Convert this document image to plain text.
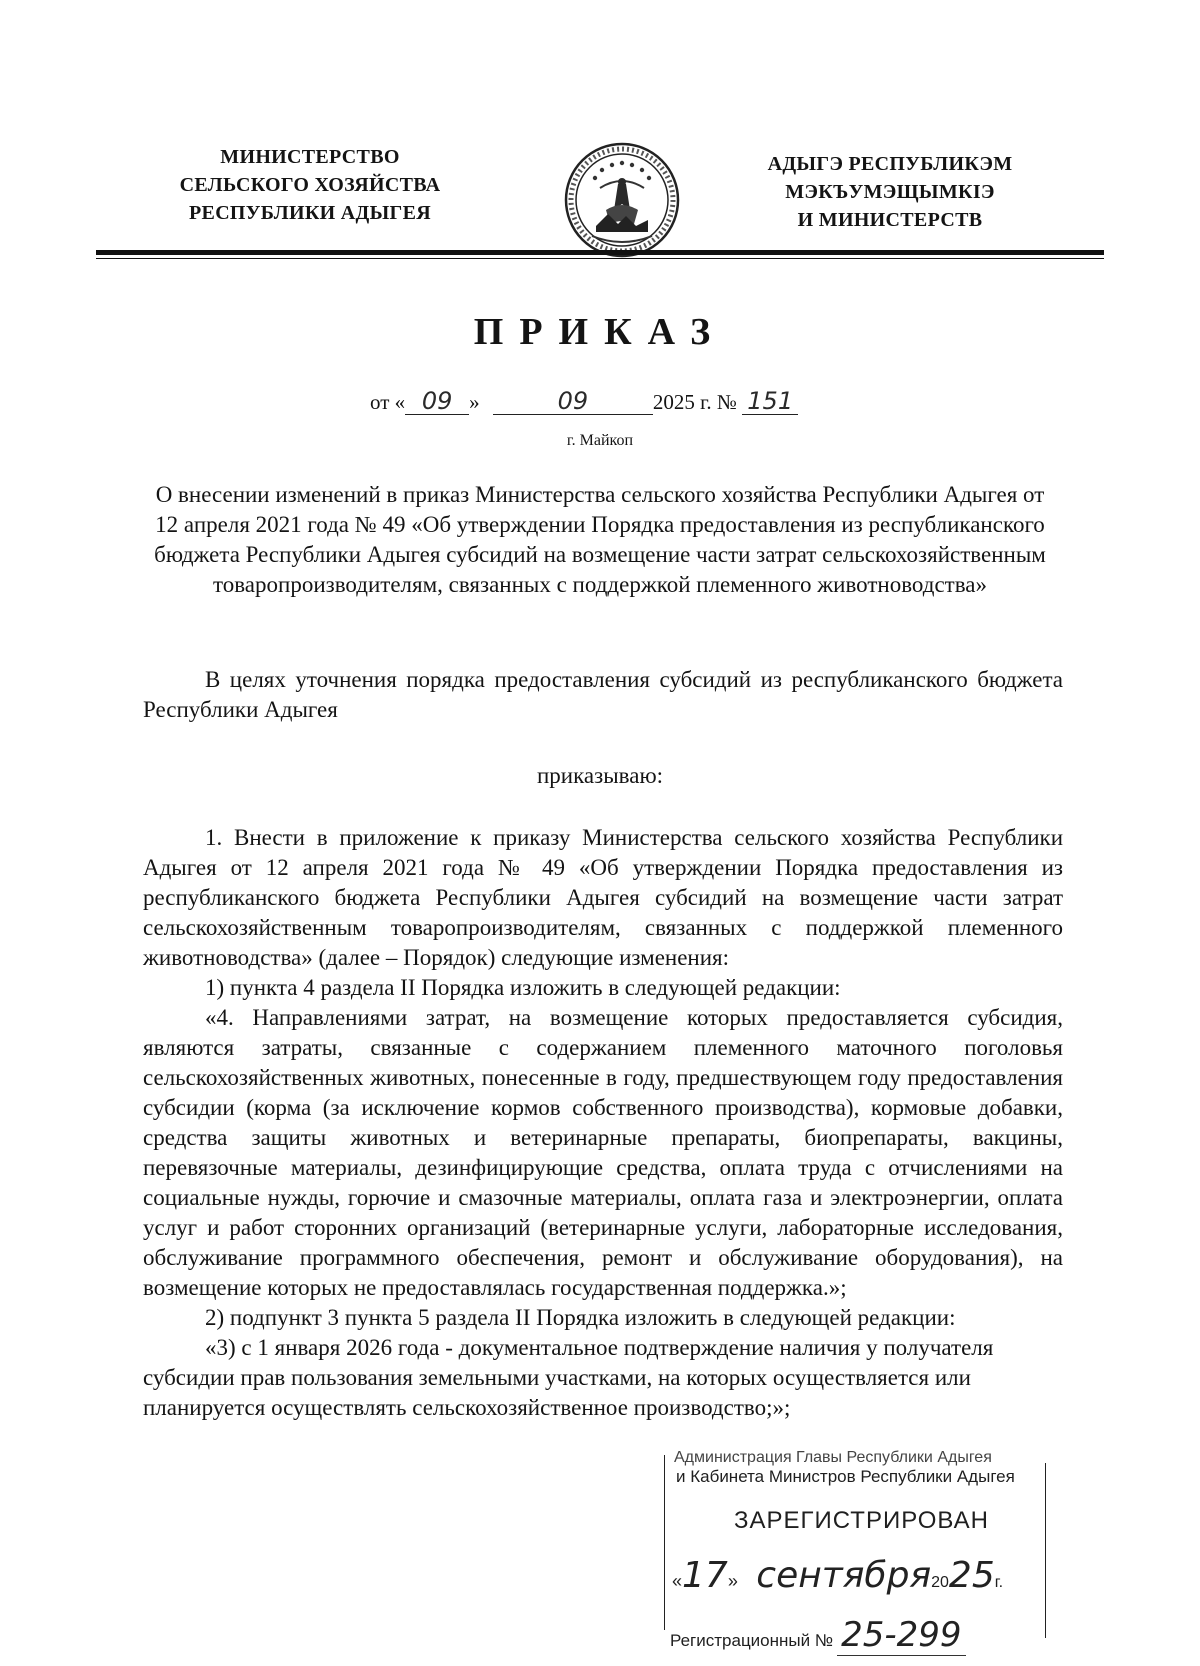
МИНИСТЕРСТВО
СЕЛЬСКОГО ХОЗЯЙСТВА
РЕСПУБЛИКИ АДЫГЕЯ
АДЫГЭ РЕСПУБЛИКЭМ
МЭКЪУМЭЩЫМКIЭ
И МИНИСТЕРСТВ
ПРИКАЗ
от « 09 »	09	2025 г. № 151
г. Майкоп
О внесении изменений в приказ Министерства сельского хозяйства Республики Адыгея от 12 апреля 2021 года № 49 «Об утверждении Порядка предоставления из республиканского бюджета Республики Адыгея субсидий на возмещение части затрат сельскохозяйственным товаропроизводителям, связанных с поддержкой племенного животноводства»
В целях уточнения порядка предоставления субсидий из республиканского бюджета Республики Адыгея
приказываю:

1. Внести в приложение к приказу Министерства сельского хозяйства Республики Адыгея от 12 апреля 2021 года № 49 «Об утверждении Порядка предоставления из республиканского бюджета Республики Адыгея субсидий на возмещение части затрат сельскохозяйственным товаропроизводителям, связанных с поддержкой племенного животноводства» (далее – Порядок) следующие изменения:

1) пункта 4 раздела II Порядка изложить в следующей редакции:

«4. Направлениями затрат, на возмещение которых предоставляется субсидия, являются затраты, связанные с содержанием племенного маточного поголовья сельскохозяйственных животных, понесенные в году, предшествующем году предоставления субсидии (корма (за исключение кормов собственного производства), кормовые добавки, средства защиты животных и ветеринарные препараты, биопрепараты, вакцины, перевязочные материалы, дезинфицирующие средства, оплата труда с отчислениями на социальные нужды, горючие и смазочные материалы, оплата газа и электроэнергии, оплата услуг и работ сторонних организаций (ветеринарные услуги, лабораторные исследования, обслуживание программного обеспечения, ремонт и обслуживание оборудования), на возмещение которых не предоставлялась государственная поддержка.»;

2) подпункт 3 пункта 5 раздела II Порядка изложить в следующей редакции:

«3) с 1 января 2026 года - документальное подтверждение наличия у получателя субсидии прав пользования земельными участками, на которых осуществляется или планируется осуществлять сельскохозяйственное производство;»;

Администрация Главы Республики Адыгея
и Кабинета Министров Республики Адыгея
ЗАРЕГИСТРИРОВАН
«17» сентября2025г.
Регистрационный № 25-299
